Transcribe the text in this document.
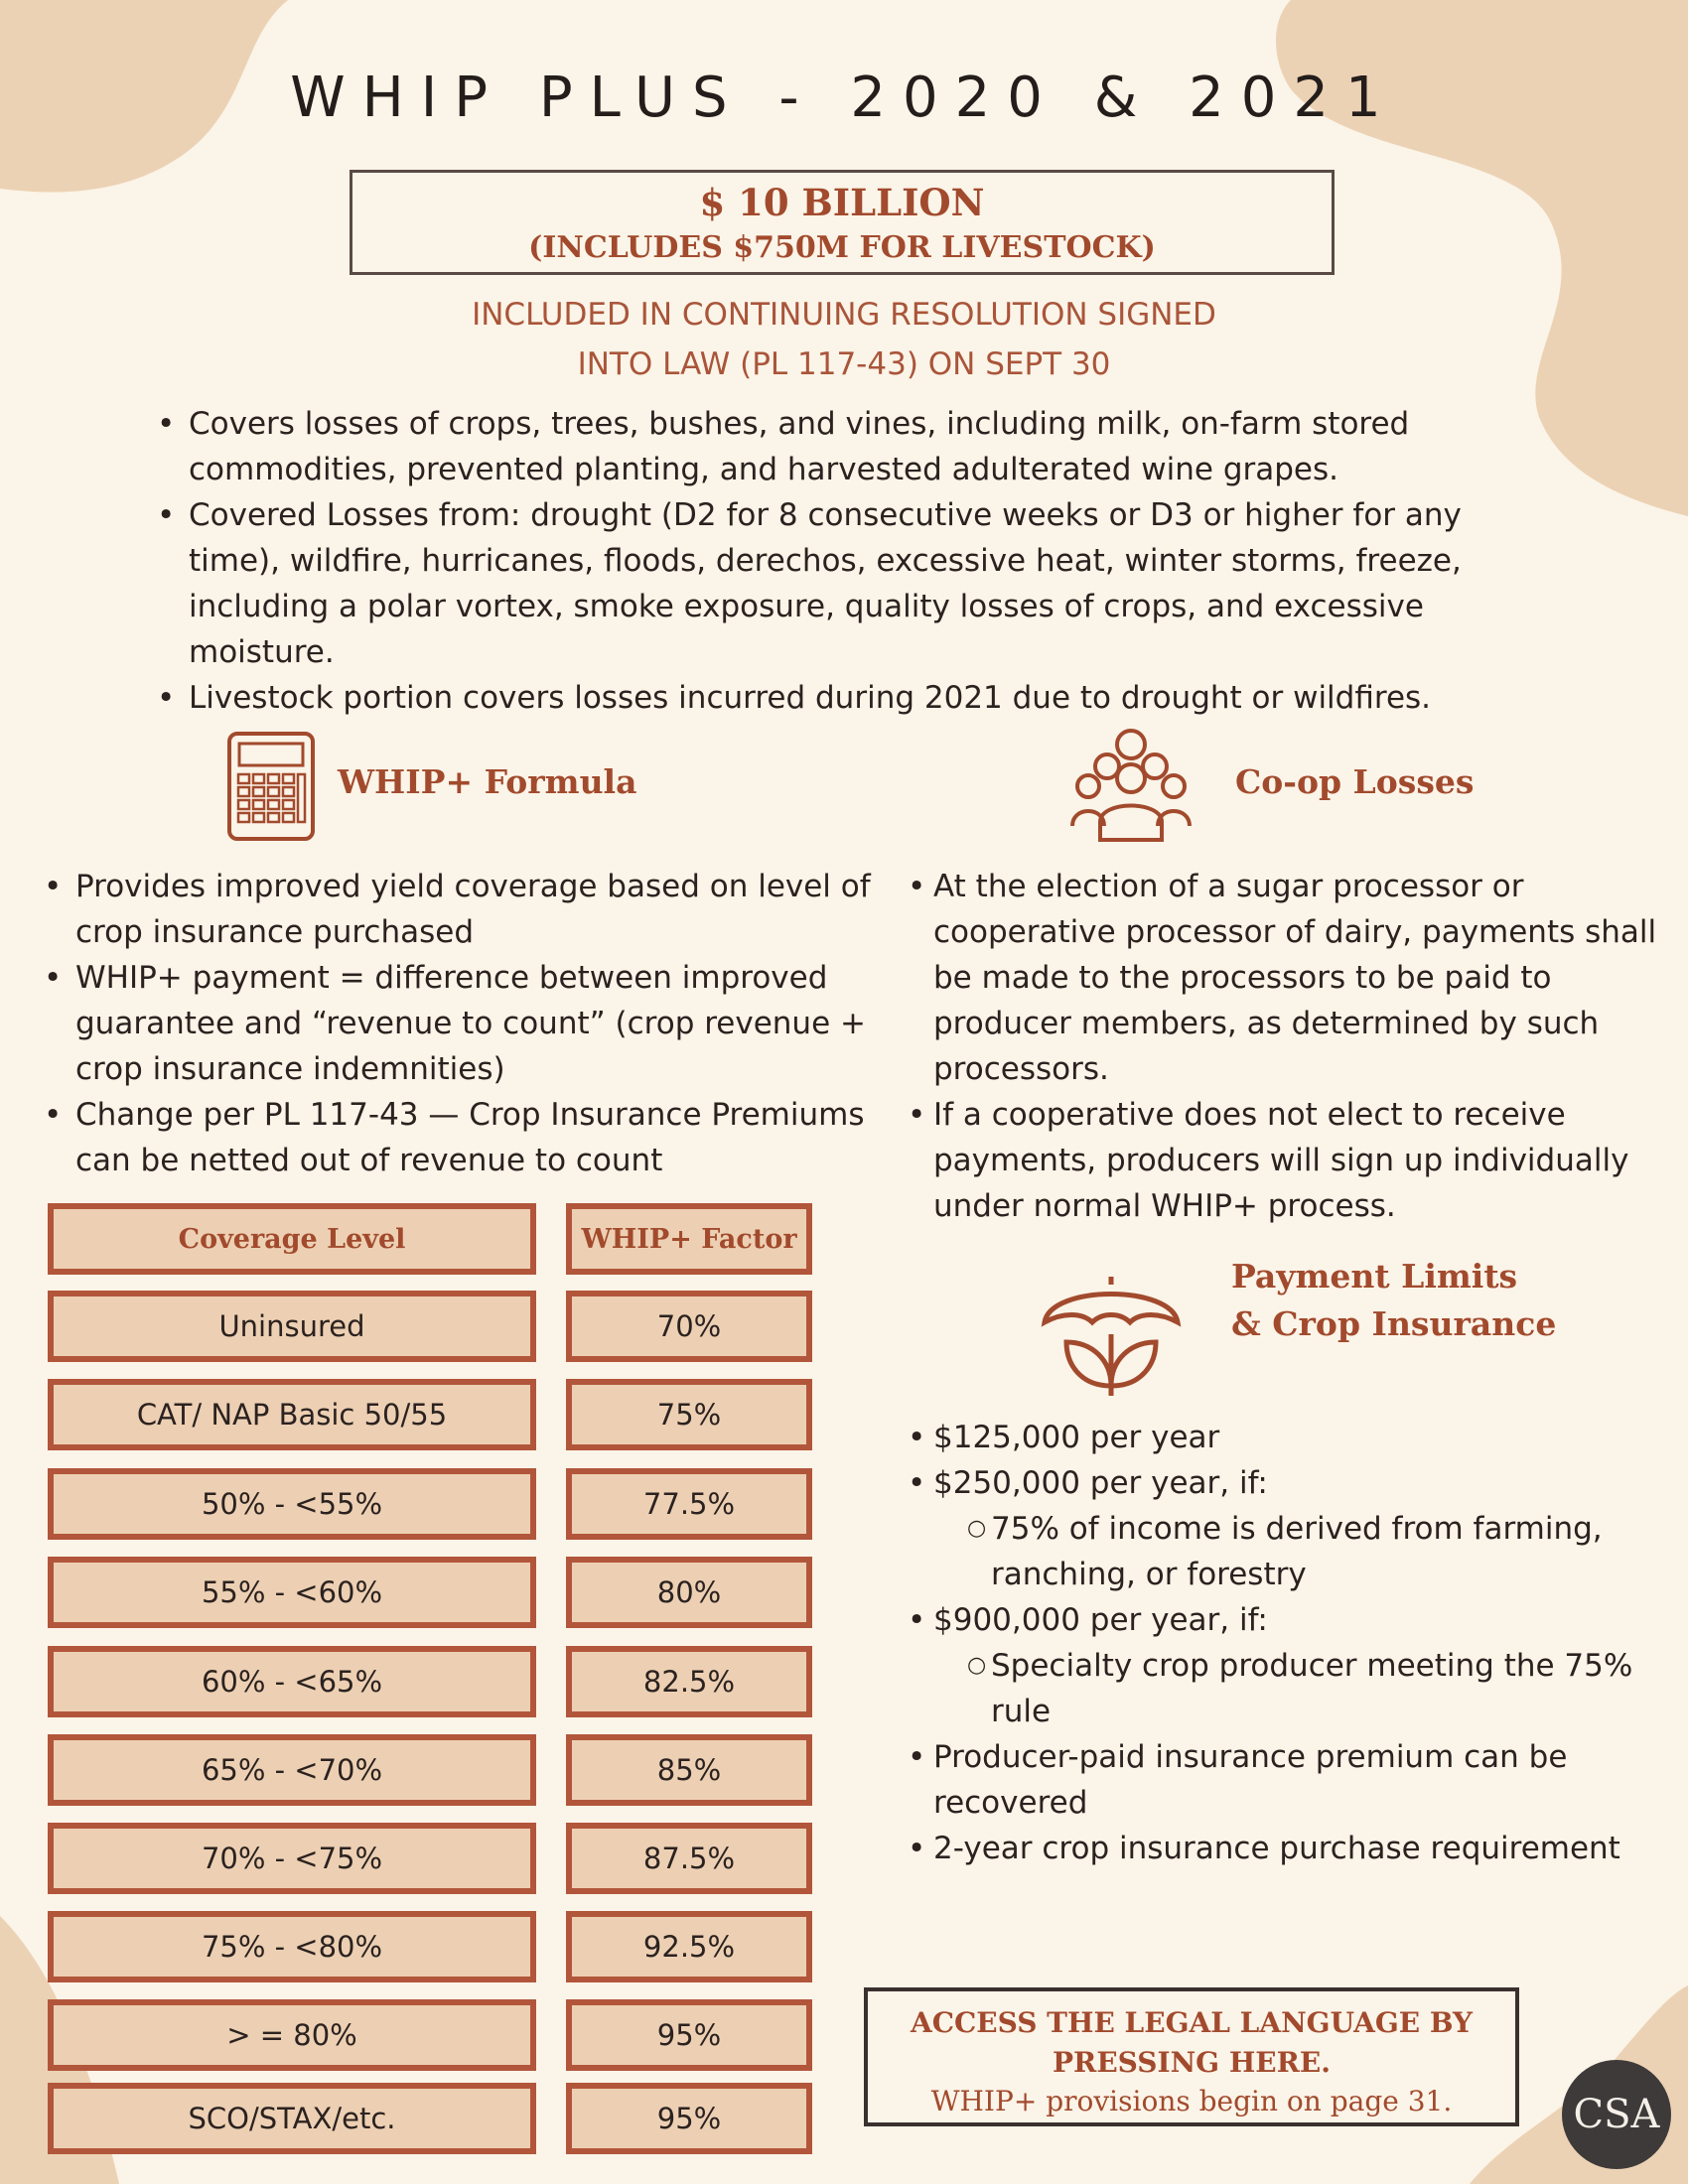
WHIP PLUS - 2020 & 2021
$ 10 BILLION
(INCLUDES $750M FOR LIVESTOCK)
INCLUDED IN CONTINUING RESOLUTION SIGNED
INTO LAW (PL 117-43) ON SEPT 30
• Covers losses of crops, trees, bushes, and vines, including milk, on-farm stored commodities, prevented planting, and harvested adulterated wine grapes.
• Covered Losses from: drought (D2 for 8 consecutive weeks or D3 or higher for any time), wildfire, hurricanes, floods, derechos, excessive heat, winter storms, freeze, including a polar vortex, smoke exposure, quality losses of crops, and excessive moisture.
• Livestock portion covers losses incurred during 2021 due to drought or wildfires.
WHIP+ Formula	Co-op Losses
• Provides improved yield coverage based on level of crop insurance purchased
• WHIP+ payment = difference between improved guarantee and “revenue to count” (crop revenue + crop insurance indemnities)
• Change per PL 117-43 — Crop Insurance Premiums can be netted out of revenue to count
• At the election of a sugar processor or cooperative processor of dairy, payments shall be made to the processors to be paid to producer members, as determined by such processors.
• If a cooperative does not elect to receive payments, producers will sign up individually under normal WHIP+ process.
Payment Limits
& Crop Insurance
• $125,000 per year
• $250,000 per year, if:
○ 75% of income is derived from farming, ranching, or forestry
• $900,000 per year, if:
○ Specialty crop producer meeting the 75% rule
• Producer-paid insurance premium can be recovered
• 2-year crop insurance purchase requirement
Coverage Level	WHIP+ Factor
Uninsured	70%
CAT/ NAP Basic 50/55	75%
50% - <55%	77.5%
55% - <60%	80%
60% - <65%	82.5%
65% - <70%	85%
70% - <75%	87.5%
75% - <80%	92.5%
> = 80%	95%
SCO/STAX/etc.	95%
ACCESS THE LEGAL LANGUAGE BY
PRESSING HERE.
WHIP+ provisions begin on page 31.	CSA
